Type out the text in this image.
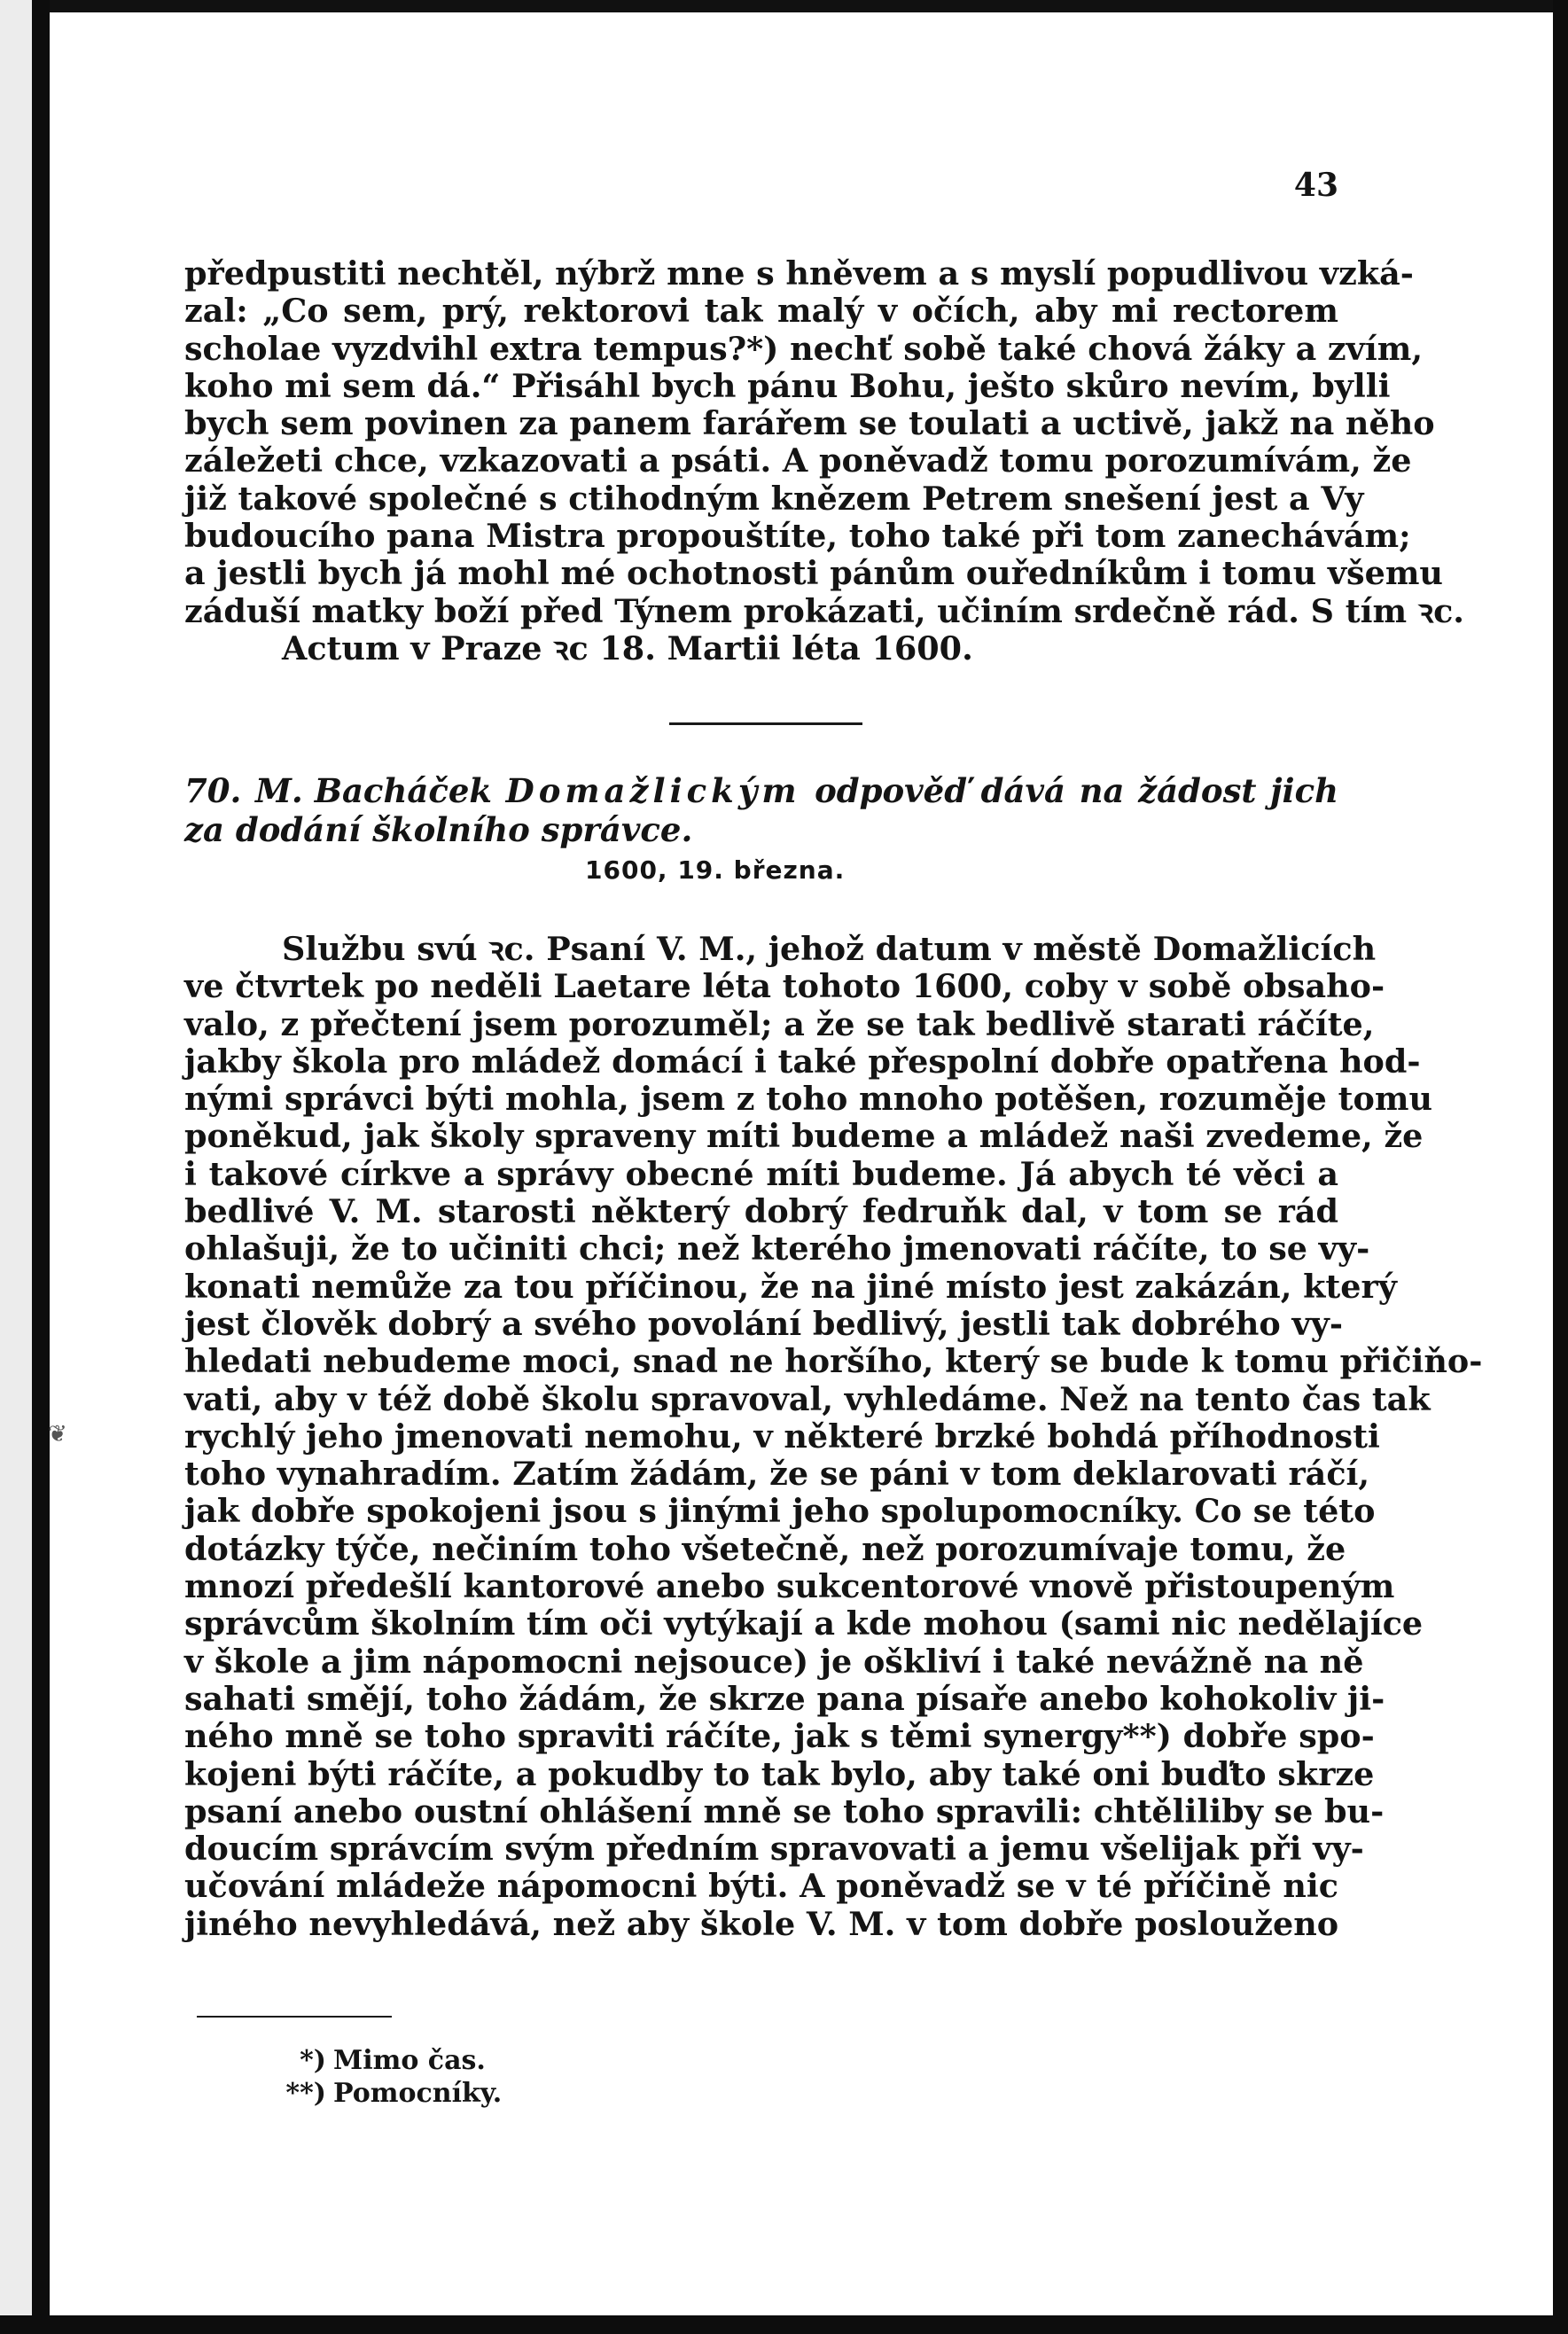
❦
43
předpustiti nechtěl, nýbrž mne s hněvem a s myslí popudlivou vzká-
zal: „Co sem, prý, rektorovi tak malý v očích, aby mi rectorem
scholae vyzdvihl extra tempus?*) nechť sobě také chová žáky a zvím,
koho mi sem dá.“ Přisáhl bych pánu Bohu, ješto skůro nevím, bylli
bych sem povinen za panem farářem se toulati a uctivě, jakž na něho
záležeti chce, vzkazovati a psáti. A poněvadž tomu porozumívám, že
již takové společné s ctihodným knězem Petrem snešení jest a Vy
budoucího pana Mistra propouštíte, toho také při tom zanechávám;
a jestli bych já mohl mé ochotnosti pánům ouředníkům i tomu všemu
záduší matky boží před Týnem prokázati, učiním srdečně rád. S tím ꝛc.
Actum v Praze ꝛc 18. Martii léta 1600.
70. M. Bacháček Domažlickým odpověď dává na žádost jich
za dodání školního správce.
1600, 19. března.
Službu svú ꝛc. Psaní V. M., jehož datum v městě Domažlicích
ve čtvrtek po neděli Laetare léta tohoto 1600, coby v sobě obsaho-
valo, z přečtení jsem porozuměl; a že se tak bedlivě starati ráčíte,
jakby škola pro mládež domácí i také přespolní dobře opatřena hod-
nými správci býti mohla, jsem z toho mnoho potěšen, rozuměje tomu
poněkud, jak školy spraveny míti budeme a mládež naši zvedeme, že
i takové církve a správy obecné míti budeme. Já abych té věci a
bedlivé V. M. starosti některý dobrý fedruňk dal, v tom se rád
ohlašuji, že to učiniti chci; než kterého jmenovati ráčíte, to se vy-
konati nemůže za tou příčinou, že na jiné místo jest zakázán, který
jest člověk dobrý a svého povolání bedlivý, jestli tak dobrého vy-
hledati nebudeme moci, snad ne horšího, který se bude k tomu přičiňo-
vati, aby v též době školu spravoval, vyhledáme. Než na tento čas tak
rychlý jeho jmenovati nemohu, v některé brzké bohdá příhodnosti
toho vynahradím. Zatím žádám, že se páni v tom deklarovati ráčí,
jak dobře spokojeni jsou s jinými jeho spolupomocníky. Co se této
dotázky týče, nečiním toho všetečně, než porozumívaje tomu, že
mnozí předešlí kantorové anebo sukcentorové vnově přistoupeným
správcům školním tím oči vytýkají a kde mohou (sami nic nedělajíce
v škole a jim nápomocni nejsouce) je oškliví i také nevážně na ně
sahati smějí, toho žádám, že skrze pana písaře anebo kohokoliv ji-
ného mně se toho spraviti ráčíte, jak s těmi synergy**) dobře spo-
kojeni býti ráčíte, a pokudby to tak bylo, aby také oni buďto skrze
psaní anebo oustní ohlášení mně se toho spravili: chtěliliby se bu-
doucím správcím svým předním spravovati a jemu všelijak při vy-
učování mládeže nápomocni býti. A poněvadž se v té příčině nic
jiného nevyhledává, než aby škole V. M. v tom dobře poslouženo
*) Mimo čas.
**) Pomocníky.
